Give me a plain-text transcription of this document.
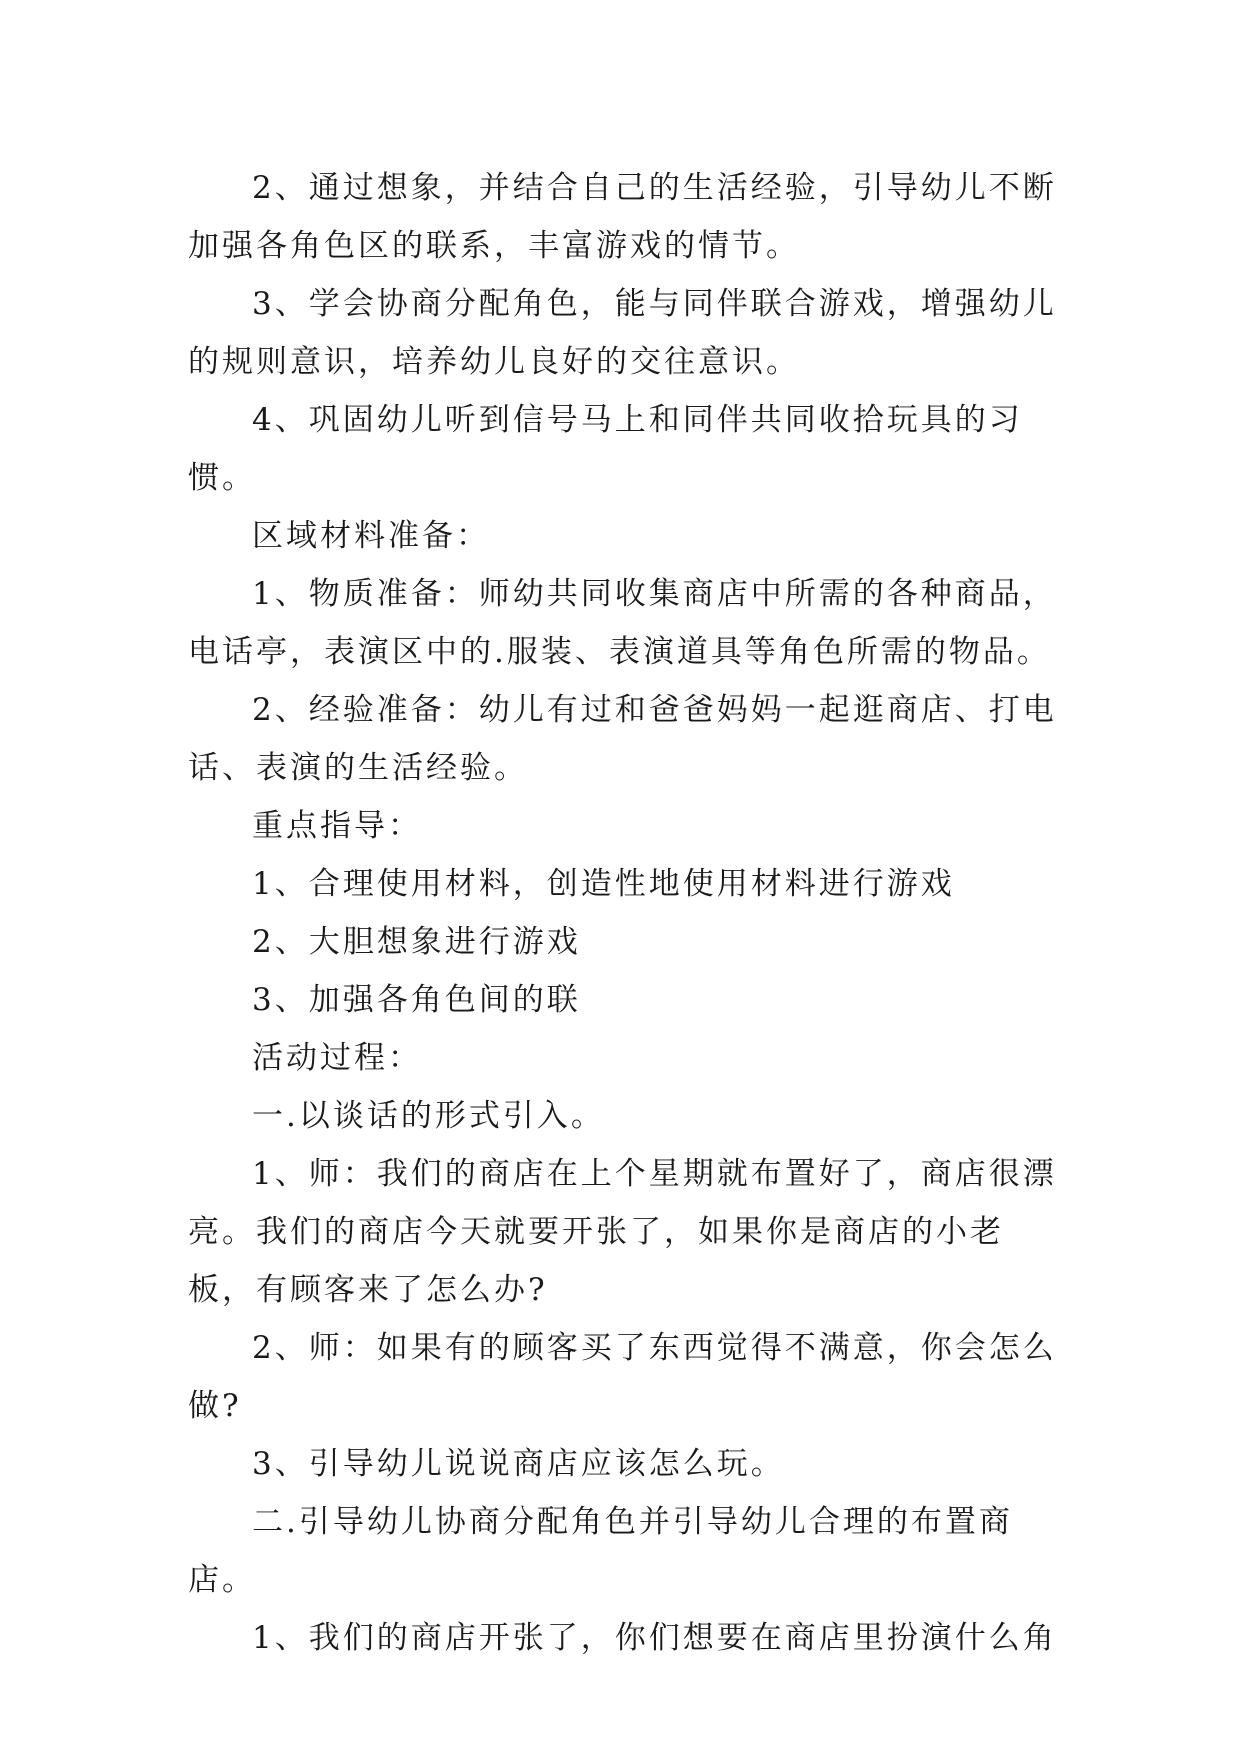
2、通过想象，并结合自己的生活经验，引导幼儿不断加强各角色区的联系，丰富游戏的情节。

3、学会协商分配角色，能与同伴联合游戏，增强幼儿的规则意识，培养幼儿良好的交往意识。

4、巩固幼儿听到信号马上和同伴共同收拾玩具的习惯。

区域材料准备：

1、物质准备：师幼共同收集商店中所需的各种商品，电话亭，表演区中的.服装、表演道具等角色所需的物品。

2、经验准备：幼儿有过和爸爸妈妈一起逛商店、打电话、表演的生活经验。

重点指导：

1、合理使用材料，创造性地使用材料进行游戏

2、大胆想象进行游戏

3、加强各角色间的联

活动过程：

一.以谈话的形式引入。

1、师：我们的商店在上个星期就布置好了，商店很漂亮。我们的商店今天就要开张了，如果你是商店的小老板，有顾客来了怎么办?

2、师：如果有的顾客买了东西觉得不满意，你会怎么做?

3、引导幼儿说说商店应该怎么玩。

二.引导幼儿协商分配角色并引导幼儿合理的布置商店。

1、我们的商店开张了，你们想要在商店里扮演什么角
